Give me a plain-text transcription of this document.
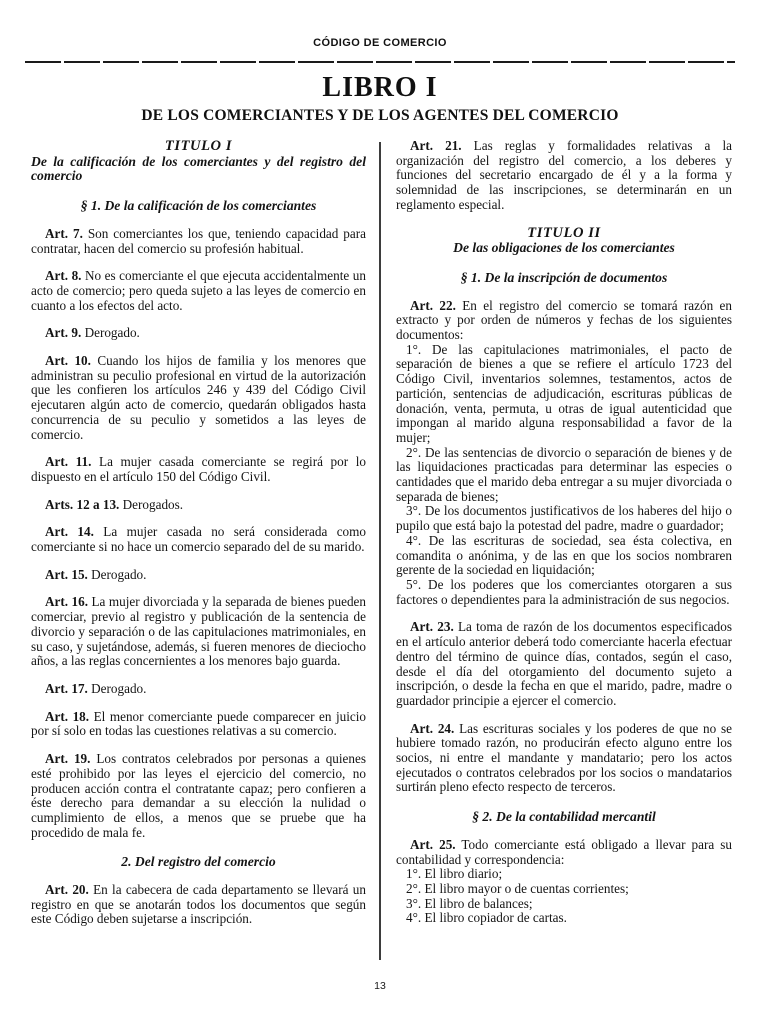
CÓDIGO DE COMERCIO
LIBRO I
DE LOS COMERCIANTES Y DE LOS AGENTES DEL COMERCIO

TITULO I

De la calificación de los comerciantes y del registro del comercio

§ 1. De la calificación de los comerciantes

Art. 7. Son comerciantes los que, teniendo capacidad para contratar, hacen del comercio su profesión habitual.

Art. 8. No es comerciante el que ejecuta accidentalmente un acto de comercio; pero queda sujeto a las leyes de comercio en cuanto a los efectos del acto.

Art. 9. Derogado.

Art. 10. Cuando los hijos de familia y los menores que administran su peculio profesional en virtud de la autorización que les confieren los artículos 246 y 439 del Código Civil ejecutaren algún acto de comercio, quedarán obligados hasta concurrencia de su peculio y sometidos a las leyes de comercio.

Art. 11. La mujer casada comerciante se regirá por lo dispuesto en el artículo 150 del Código Civil.

Arts. 12 a 13. Derogados.

Art. 14. La mujer casada no será considerada como comerciante si no hace un comercio separado del de su marido.

Art. 15. Derogado.

Art. 16. La mujer divorciada y la separada de bienes pueden comerciar, previo al registro y publicación de la sentencia de divorcio y separación o de las capitulaciones matrimoniales, en su caso, y sujetándose, además, si fueren menores de dieciocho años, a las reglas concernientes a los menores bajo guarda.

Art. 17. Derogado.

Art. 18. El menor comerciante puede comparecer en juicio por sí solo en todas las cuestiones relativas a su comercio.

Art. 19. Los contratos celebrados por personas a quienes esté prohibido por las leyes el ejercicio del comercio, no producen acción contra el contratante capaz; pero confieren a éste derecho para demandar a su elección la nulidad o cumplimiento de ellos, a menos que se pruebe que ha procedido de mala fe.

2. Del registro del comercio

Art. 20. En la cabecera de cada departamento se llevará un registro en que se anotarán todos los documentos que según este Código deben sujetarse a inscripción.

Art. 21. Las reglas y formalidades relativas a la organización del registro del comercio, a los deberes y funciones del secretario encargado de él y a la forma y solemnidad de las inscripciones, se determinarán en un reglamento especial.

TITULO II

De las obligaciones de los comerciantes

§ 1. De la inscripción de documentos

Art. 22. En el registro del comercio se tomará razón en extracto y por orden de números y fechas de los siguientes documentos:

1°. De las capitulaciones matrimoniales, el pacto de separación de bienes a que se refiere el artículo 1723 del Código Civil, inventarios solemnes, testamentos, actos de partición, sentencias de adjudicación, escrituras públicas de donación, venta, permuta, u otras de igual autenticidad que impongan al marido alguna responsabilidad a favor de la mujer;

2°. De las sentencias de divorcio o separación de bienes y de las liquidaciones practicadas para determinar las especies o cantidades que el marido deba entregar a su mujer divorciada o separada de bienes;

3°. De los documentos justificativos de los haberes del hijo o pupilo que está bajo la potestad del padre, madre o guardador;

4°. De las escrituras de sociedad, sea ésta colectiva, en comandita o anónima, y de las en que los socios nombraren gerente de la sociedad en liquidación;

5°. De los poderes que los comerciantes otorgaren a sus factores o dependientes para la administración de sus negocios.

Art. 23. La toma de razón de los documentos especificados en el artículo anterior deberá todo comerciante hacerla efectuar dentro del término de quince días, contados, según el caso, desde el día del otorgamiento del documento sujeto a inscripción, o desde la fecha en que el marido, padre, madre o guardador principie a ejercer el comercio.

Art. 24. Las escrituras sociales y los poderes de que no se hubiere tomado razón, no producirán efecto alguno entre los socios, ni entre el mandante y mandatario; pero los actos ejecutados o contratos celebrados por los socios o mandatarios surtirán pleno efecto respecto de terceros.

§ 2. De la contabilidad mercantil

Art. 25. Todo comerciante está obligado a llevar para su contabilidad y correspondencia:

1°. El libro diario;

2°. El libro mayor o de cuentas corrientes;

3°. El libro de balances;

4°. El libro copiador de cartas.

13
